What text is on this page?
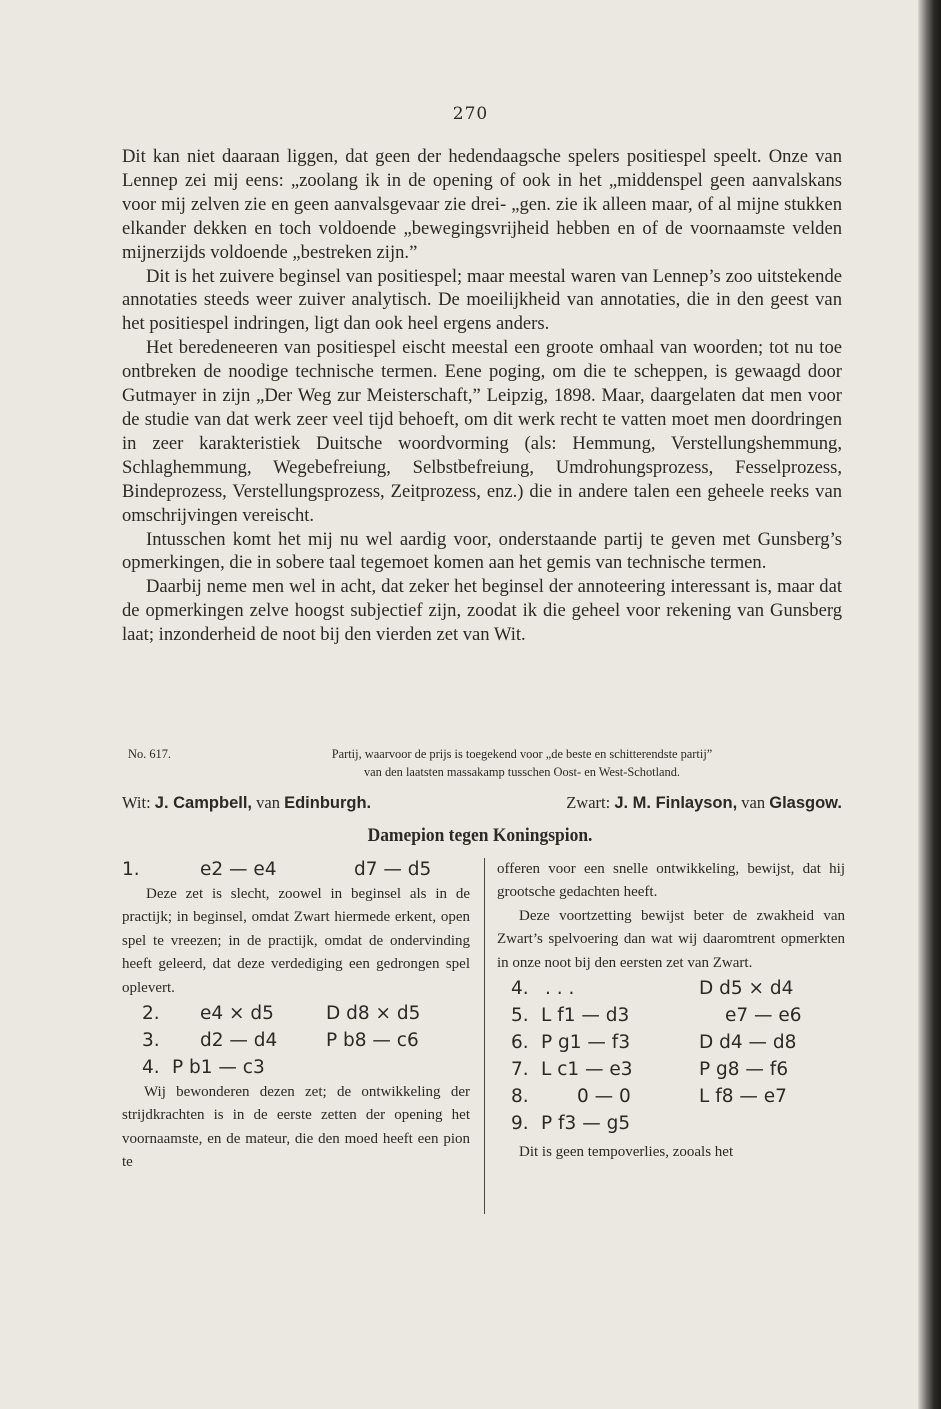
270

Dit kan niet daaraan liggen, dat geen der hedendaagsche spelers positiespel speelt. Onze van Lennep zei mij eens: „zoolang ik in de opening of ook in het „middenspel geen aanvalskans voor mij zelven zie en geen aanvalsgevaar zie drei- „gen. zie ik alleen maar, of al mijne stukken elkander dekken en toch voldoende „bewegingsvrijheid hebben en of de voornaamste velden mijnerzijds voldoende „bestreken zijn.”

Dit is het zuivere beginsel van positiespel; maar meestal waren van Lennep’s zoo uitstekende annotaties steeds weer zuiver analytisch. De moeilijkheid van annotaties, die in den geest van het positiespel indringen, ligt dan ook heel ergens anders.

Het beredeneeren van positiespel eischt meestal een groote omhaal van woorden; tot nu toe ontbreken de noodige technische termen. Eene poging, om die te scheppen, is gewaagd door Gutmayer in zijn „Der Weg zur Meisterschaft,” Leipzig, 1898. Maar, daargelaten dat men voor de studie van dat werk zeer veel tijd behoeft, om dit werk recht te vatten moet men doordringen in zeer karakteristiek Duitsche woordvorming (als: Hemmung, Verstellungshemmung, Schlaghemmung, Wegebefreiung, Selbstbefreiung, Umdrohungsprozess, Fesselprozess, Bindeprozess, Verstellungsprozess, Zeitprozess, enz.) die in andere talen een geheele reeks van omschrijvingen vereischt.

Intusschen komt het mij nu wel aardig voor, onderstaande partij te geven met Gunsberg’s opmerkingen, die in sobere taal tegemoet komen aan het gemis van technische termen.

Daarbij neme men wel in acht, dat zeker het beginsel der annoteering interessant is, maar dat de opmerkingen zelve hoogst subjectief zijn, zoodat ik die geheel voor rekening van Gunsberg laat; inzonderheid de noot bij den vierden zet van Wit.

No. 617.	Partij, waarvoor de prijs is toegekend voor „de beste en schitterendste partij”
van den laatsten massakamp tusschen Oost- en West-Schotland.
Wit: J. Campbell, van Edinburgh.	Zwart: J. M. Finlayson, van Glasgow.
Damepion tegen Koningspion.
1.	e2 — e4	d7 — d5

Deze zet is slecht, zoowel in beginsel als in de practijk; in beginsel, omdat Zwart hiermede erkent, open spel te vreezen; in de practijk, omdat de ondervinding heeft geleerd, dat deze verdediging een gedrongen spel oplevert.

2. e4 × d5	D d8 × d5
3. d2 — d4	P b8 — c6
4. P b1 — c3

Wij bewonderen dezen zet; de ontwikkeling der strijdkrachten is in de eerste zetten der opening het voornaamste, en de mateur, die den moed heeft een pion te

offeren voor een snelle ontwikkeling, bewijst, dat hij grootsche gedachten heeft.

Deze voortzetting bewijst beter de zwakheid van Zwart’s spelvoering dan wat wij daaromtrent opmerkten in onze noot bij den eersten zet van Zwart.

4. . . .	D d5 × d4
5. L f1 — d3	e7 — e6
6. P g1 — f3	D d4 — d8
7. L c1 — e3	P g8 — f6
8.	0 — 0	L f8 — e7
9. P f3 — g5

Dit is geen tempoverlies, zooals het
